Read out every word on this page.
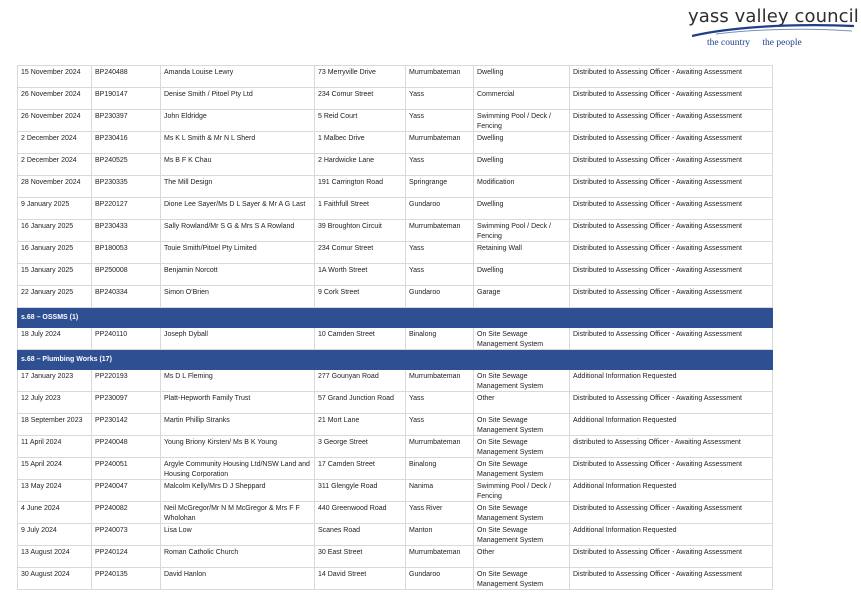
yass valley council
the country the people
15 November 2024	BP240488	Amanda Louise Lewry	73 Merryville Drive	Murrumbateman	Dwelling	Distributed to Assessing Officer - Awaiting Assessment
26 November 2024	BP190147	Denise Smith / Pitoel Pty Ltd	234 Comur Street	Yass	Commercial	Distributed to Assessing Officer - Awaiting Assessment
26 November 2024	BP230397	John Eldridge	5 Reid Court	Yass	Swimming Pool / Deck / Fencing	Distributed to Assessing Officer - Awaiting Assessment
2 December 2024	BP230416	Ms K L Smith & Mr N L Sherd	1 Malbec Drive	Murrumbateman	Dwelling	Distributed to Assessing Officer - Awaiting Assessment
2 December 2024	BP240525	Ms B F K Chau	2 Hardwicke Lane	Yass	Dwelling	Distributed to Assessing Officer - Awaiting Assessment
28 November 2024	BP230335	The Mill Design	191 Carrington Road	Springrange	Modification	Distributed to Assessing Officer - Awaiting Assessment
9 January 2025	BP220127	Dione Lee Sayer/Ms D L Sayer & Mr A G Last	1 Faithfull Street	Gundaroo	Dwelling	Distributed to Assessing Officer - Awaiting Assessment
16 January 2025	BP230433	Sally Rowland/Mr S G & Mrs S A Rowland	39 Broughton Circuit	Murrumbateman	Swimming Pool / Deck / Fencing	Distributed to Assessing Officer - Awaiting Assessment
16 January 2025	BP180053	Touie Smith/Pitoel Pty Limited	234 Comur Street	Yass	Retaining Wall	Distributed to Assessing Officer - Awaiting Assessment
15 January 2025	BP250008	Benjamin Norcott	1A Worth Street	Yass	Dwelling	Distributed to Assessing Officer - Awaiting Assessment
22 January 2025	BP240334	Simon O'Brien	9 Cork Street	Gundaroo	Garage	Distributed to Assessing Officer - Awaiting Assessment
s.68 – OSSMS (1)						
18 July 2024	PP240110	Joseph Dyball	10 Camden Street	Binalong	On Site Sewage Management System	Distributed to Assessing Officer - Awaiting Assessment
s.68 – Plumbing Works (17)						
17 January 2023	PP220193	Ms D L Fleming	277 Gounyan Road	Murrumbateman	On Site Sewage Management System	Additional Information Requested
12 July 2023	PP230097	Platt-Hepworth Family Trust	57 Grand Junction Road	Yass	Other	Distributed to Assessing Officer - Awaiting Assessment
18 September 2023	PP230142	Martin Phillip Stranks	21 Mort Lane	Yass	On Site Sewage Management System	Additional Information Requested
11 April 2024	PP240048	Young Briony Kirsten/ Ms B K Young	3 George Street	Murrumbateman	On Site Sewage Management System	distributed to Assessing Officer - Awaiting Assessment
15 April 2024	PP240051	Argyle Community Housing Ltd/NSW Land and Housing Corporation	17 Camden Street	Binalong	On Site Sewage Management System	Distributed to Assessing Officer - Awaiting Assessment
13 May 2024	PP240047	Malcolm Kelly/Mrs D J Sheppard	311 Glengyle Road	Nanima	Swimming Pool / Deck / Fencing	Additional Information Requested
4 June 2024	PP240082	Neil McGregor/Mr N M McGregor & Mrs F F Wholohan	440 Greenwood Road	Yass River	On Site Sewage Management System	Distributed to Assessing Officer - Awaiting Assessment
9 July 2024	PP240073	Lisa Low	Scanes Road	Manton	On Site Sewage Management System	Additional Information Requested
13 August 2024	PP240124	Roman Catholic Church	30 East Street	Murrumbateman	Other	Distributed to Assessing Officer - Awaiting Assessment
30 August 2024	PP240135	David Hanlon	14 David Street	Gundaroo	On Site Sewage Management System	Distributed to Assessing Officer - Awaiting Assessment
